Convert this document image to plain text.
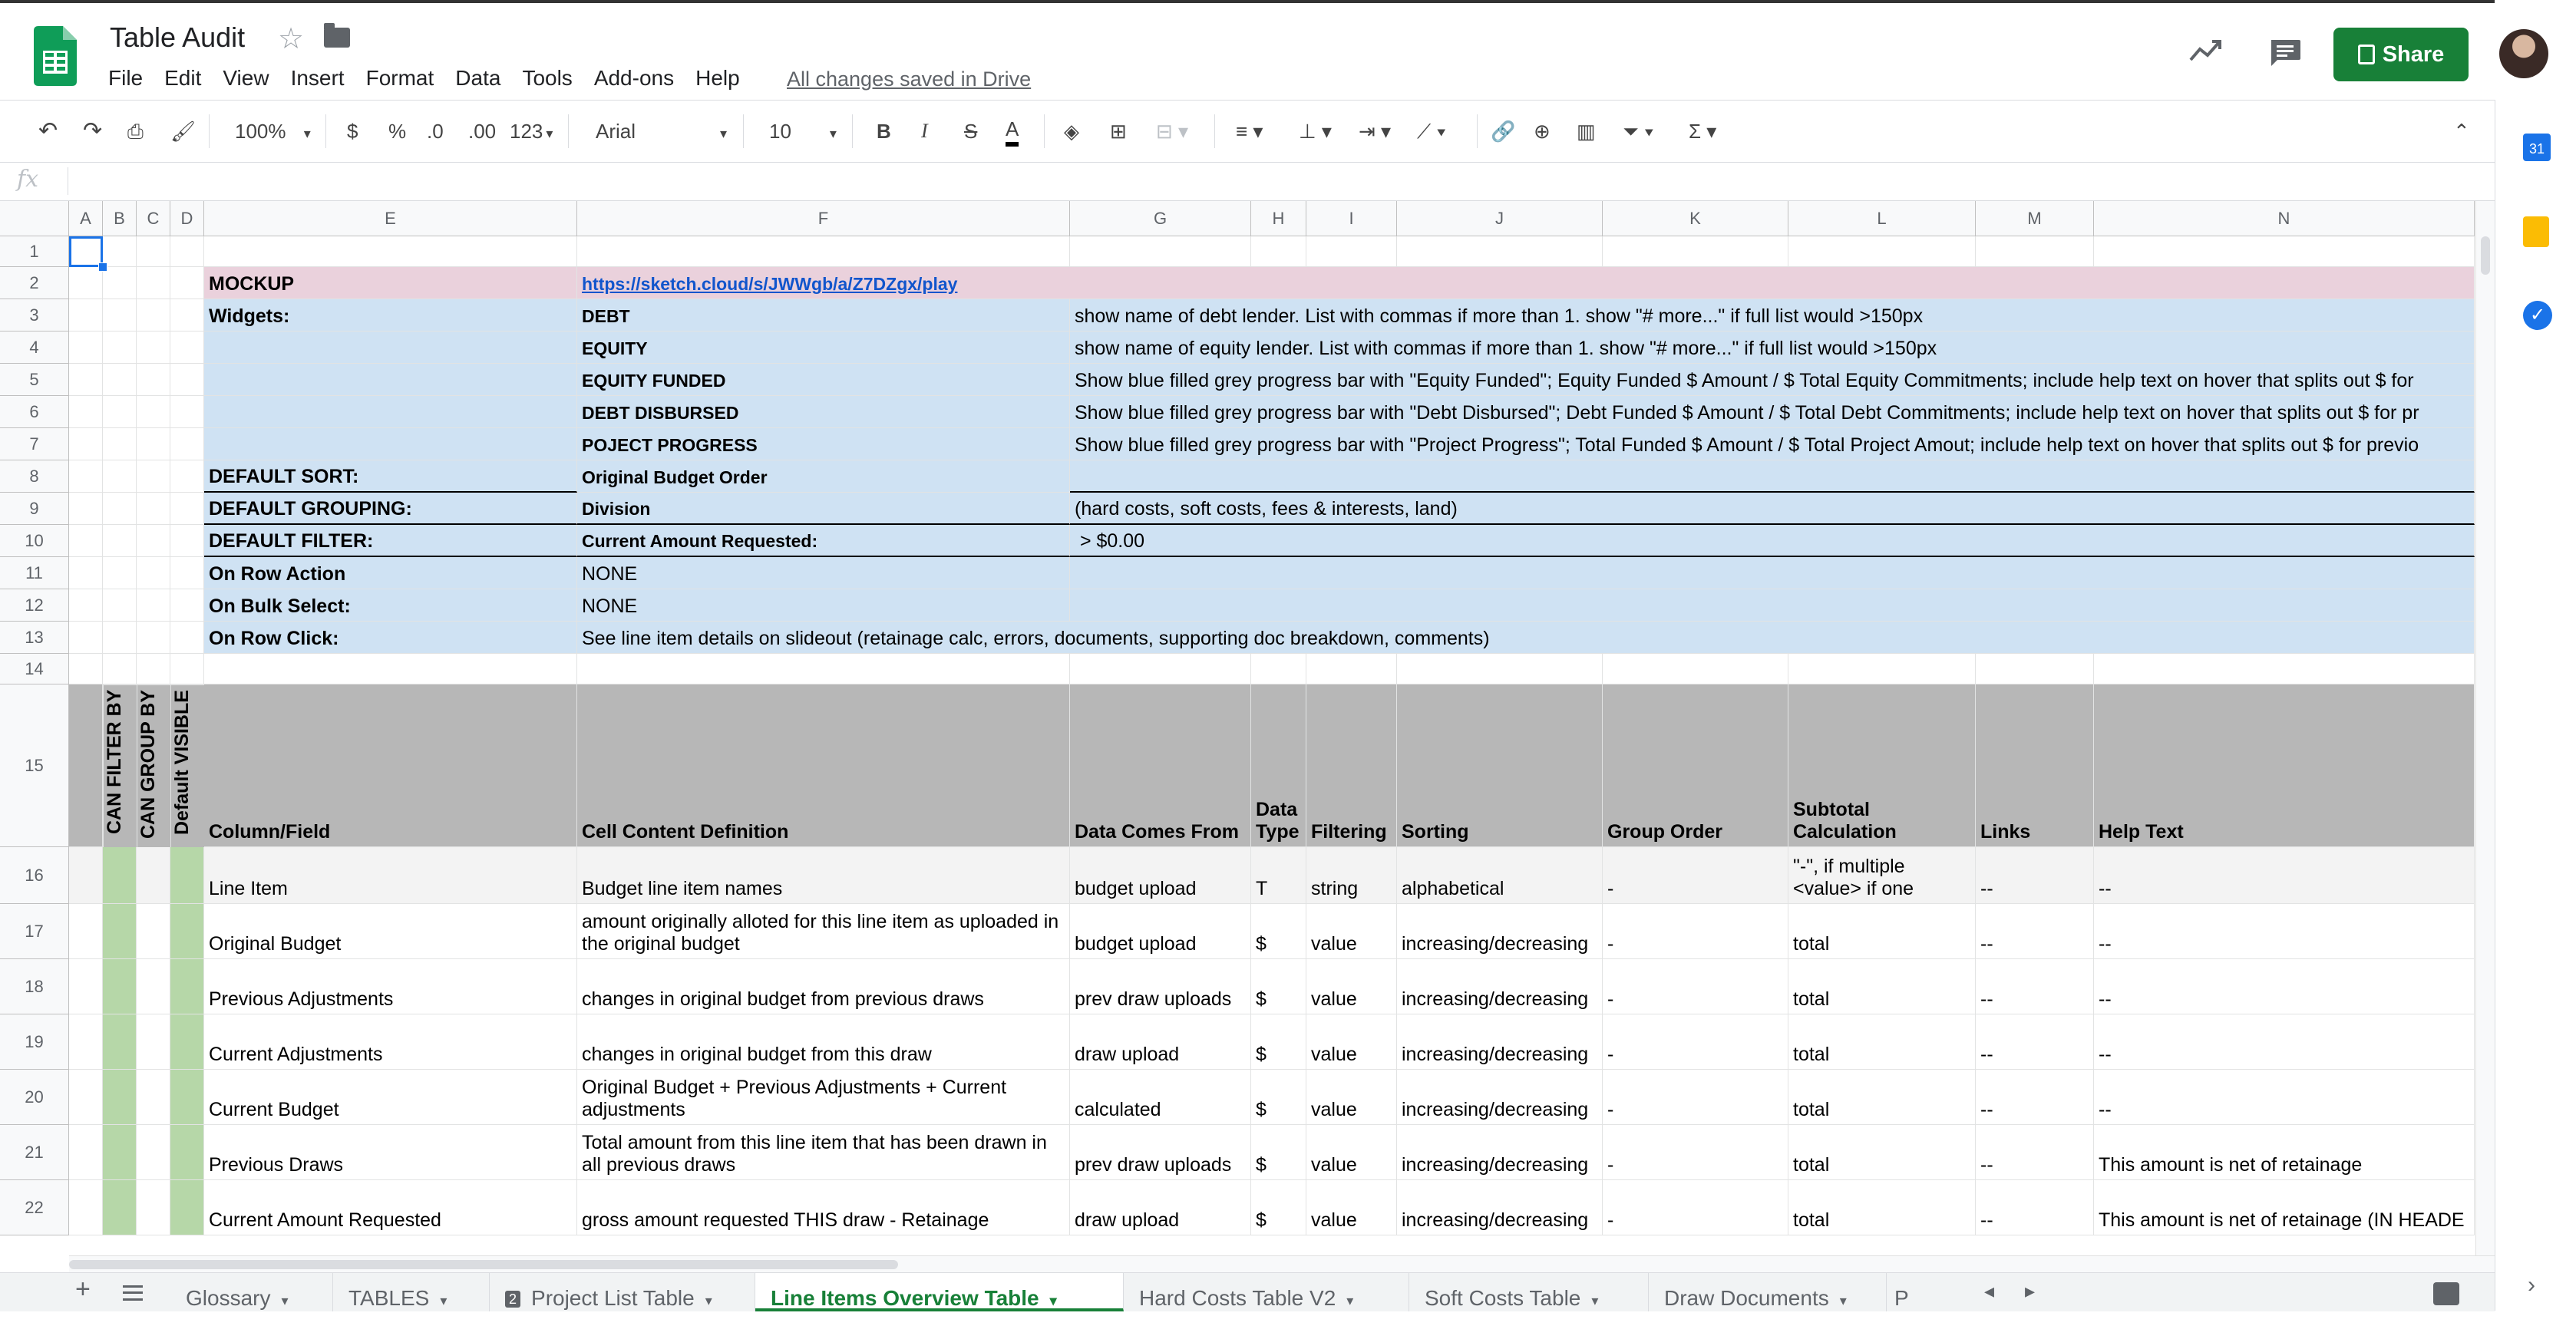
Table Audit ☆
File Edit View Insert Format Data Tools Add-ons Help All changes saved in Drive
Share
↶ ↷ ⎙ 🖌 100% ▾ $ % .0 .00 123 ▾ Arial	▾ 10	▾ B I S A ◈ ⊞ ⊟ ▾ ≡ ▾ ⊥ ▾ ⇥ ▾ ⟋ ▾ 🔗 ⊕ ▥ ⏷ ▾ Σ ▾	⌃
fx
A	B	C	D	E	F	G	H	I	J	K	L	M	N
1
2
3
4
5
6
7
8
9
10
11
12
13
14
15
16
17
18
19
20
21
22
MOCKUP	https://sketch.cloud/s/JWWgb/a/Z7DZgx/play
Widgets:	DEBT	show name of debt lender. List with commas if more than 1. show "# more..." if full list would >150px
EQUITY	show name of equity lender. List with commas if more than 1. show "# more..." if full list would >150px
EQUITY FUNDED	Show blue filled grey progress bar with "Equity Funded"; Equity Funded $ Amount / $ Total Equity Commitments; include help text on hover that splits out $ for
DEBT DISBURSED	Show blue filled grey progress bar with "Debt Disbursed"; Debt Funded $ Amount / $ Total Debt Commitments; include help text on hover that splits out $ for pr
POJECT PROGRESS	Show blue filled grey progress bar with "Project Progress"; Total Funded $ Amount / $ Total Project Amout; include help text on hover that splits out $ for previo
DEFAULT SORT:	Original Budget Order
DEFAULT GROUPING:	Division	(hard costs, soft costs, fees & interests, land)
DEFAULT FILTER:	Current Amount Requested:	> $0.00
On Row Action	NONE
On Bulk Select:	NONE
On Row Click:	See line item details on slideout (retainage calc, errors, documents, supporting doc breakdown, comments)
CAN FILTER BY CAN GROUP BY Default VISIBLE Column/Field	Cell Content Definition	Data Comes From
Data Type Filtering Sorting	Group Order
Subtotal Calculation	Links	Help Text
Line Item	Budget line item names	budget upload	T	string	alphabetical	-
"-", if multiple <value> if one	--	--
Original Budget
amount originally alloted for this line item as uploaded in the original budget	budget upload	$	value	increasing/decreasing -	total	--	--
Previous Adjustments	changes in original budget from previous draws	prev draw uploads	$	value	increasing/decreasing -	total	--	--
Current Adjustments	changes in original budget from this draw	draw upload	$	value	increasing/decreasing -	total	--	--
Current Budget
Original Budget + Previous Adjustments + Current adjustments	calculated	$	value	increasing/decreasing -	total	--	--
Previous Draws
Total amount from this line item that has been drawn in all previous draws	prev draw uploads	$	value	increasing/decreasing -	total	--	This amount is net of retainage
Current Amount Requested	gross amount requested THIS draw - Retainage	draw upload	$	value	increasing/decreasing -	total	--	This amount is net of retainage (IN HEADE
31
✓
›
+	Glossary ▾	TABLES ▾	2 Project List Table ▾	Line Items Overview Table ▾	Hard Costs Table V2 ▾	Soft Costs Table ▾	Draw Documents ▾	P	◂▸
